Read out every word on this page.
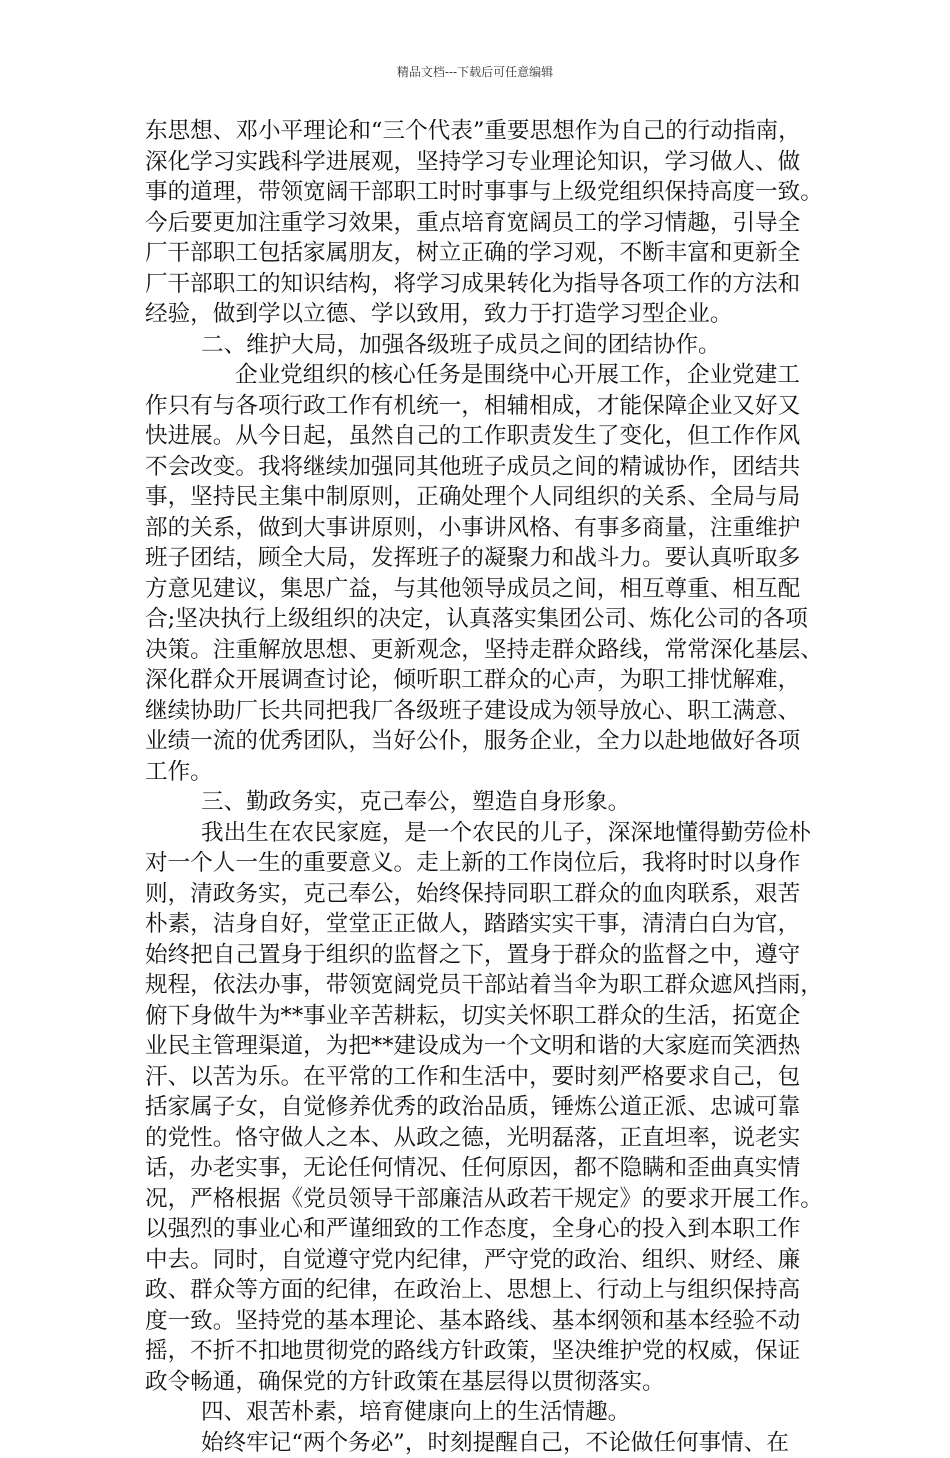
精品文档---下载后可任意编辑
东思想、邓小平理论和“三个代表”重要思想作为自己的行动指南，
深化学习实践科学进展观，坚持学习专业理论知识，学习做人、做
事的道理，带领宽阔干部职工时时事事与上级党组织保持高度一致。
今后要更加注重学习效果，重点培育宽阔员工的学习情趣，引导全
厂干部职工包括家属朋友，树立正确的学习观，不断丰富和更新全
厂干部职工的知识结构，将学习成果转化为指导各项工作的方法和
经验，做到学以立德、学以致用，致力于打造学习型企业。
二、维护大局，加强各级班子成员之间的团结协作。
企业党组织的核心任务是围绕中心开展工作，企业党建工
作只有与各项行政工作有机统一，相辅相成，才能保障企业又好又
快进展。从今日起，虽然自己的工作职责发生了变化，但工作作风
不会改变。我将继续加强同其他班子成员之间的精诚协作，团结共
事，坚持民主集中制原则，正确处理个人同组织的关系、全局与局
部的关系，做到大事讲原则，小事讲风格、有事多商量，注重维护
班子团结，顾全大局，发挥班子的凝聚力和战斗力。要认真听取多
方意见建议，集思广益，与其他领导成员之间，相互尊重、相互配
合;坚决执行上级组织的决定，认真落实集团公司、炼化公司的各项
决策。注重解放思想、更新观念，坚持走群众路线，常常深化基层、
深化群众开展调查讨论，倾听职工群众的心声，为职工排忧解难，
继续协助厂长共同把我厂各级班子建设成为领导放心、职工满意、
业绩一流的优秀团队，当好公仆，服务企业，全力以赴地做好各项
工作。
三、勤政务实，克己奉公，塑造自身形象。
我出生在农民家庭，是一个农民的儿子，深深地懂得勤劳俭朴
对一个人一生的重要意义。走上新的工作岗位后，我将时时以身作
则，清政务实，克己奉公，始终保持同职工群众的血肉联系，艰苦
朴素，洁身自好，堂堂正正做人，踏踏实实干事，清清白白为官，
始终把自己置身于组织的监督之下，置身于群众的监督之中，遵守
规程，依法办事，带领宽阔党员干部站着当伞为职工群众遮风挡雨，
俯下身做牛为**事业辛苦耕耘，切实关怀职工群众的生活，拓宽企
业民主管理渠道，为把**建设成为一个文明和谐的大家庭而笑洒热
汗、以苦为乐。在平常的工作和生活中，要时刻严格要求自己，包
括家属子女，自觉修养优秀的政治品质，锤炼公道正派、忠诚可靠
的党性。恪守做人之本、从政之德，光明磊落，正直坦率，说老实
话，办老实事，无论任何情况、任何原因，都不隐瞒和歪曲真实情
况，严格根据《党员领导干部廉洁从政若干规定》的要求开展工作。
以强烈的事业心和严谨细致的工作态度，全身心的投入到本职工作
中去。同时，自觉遵守党内纪律，严守党的政治、组织、财经、廉
政、群众等方面的纪律，在政治上、思想上、行动上与组织保持高
度一致。坚持党的基本理论、基本路线、基本纲领和基本经验不动
摇，不折不扣地贯彻党的路线方针政策，坚决维护党的权威，保证
政令畅通，确保党的方针政策在基层得以贯彻落实。
四、艰苦朴素，培育健康向上的生活情趣。
始终牢记“两个务必”，时刻提醒自己，不论做任何事情、在
